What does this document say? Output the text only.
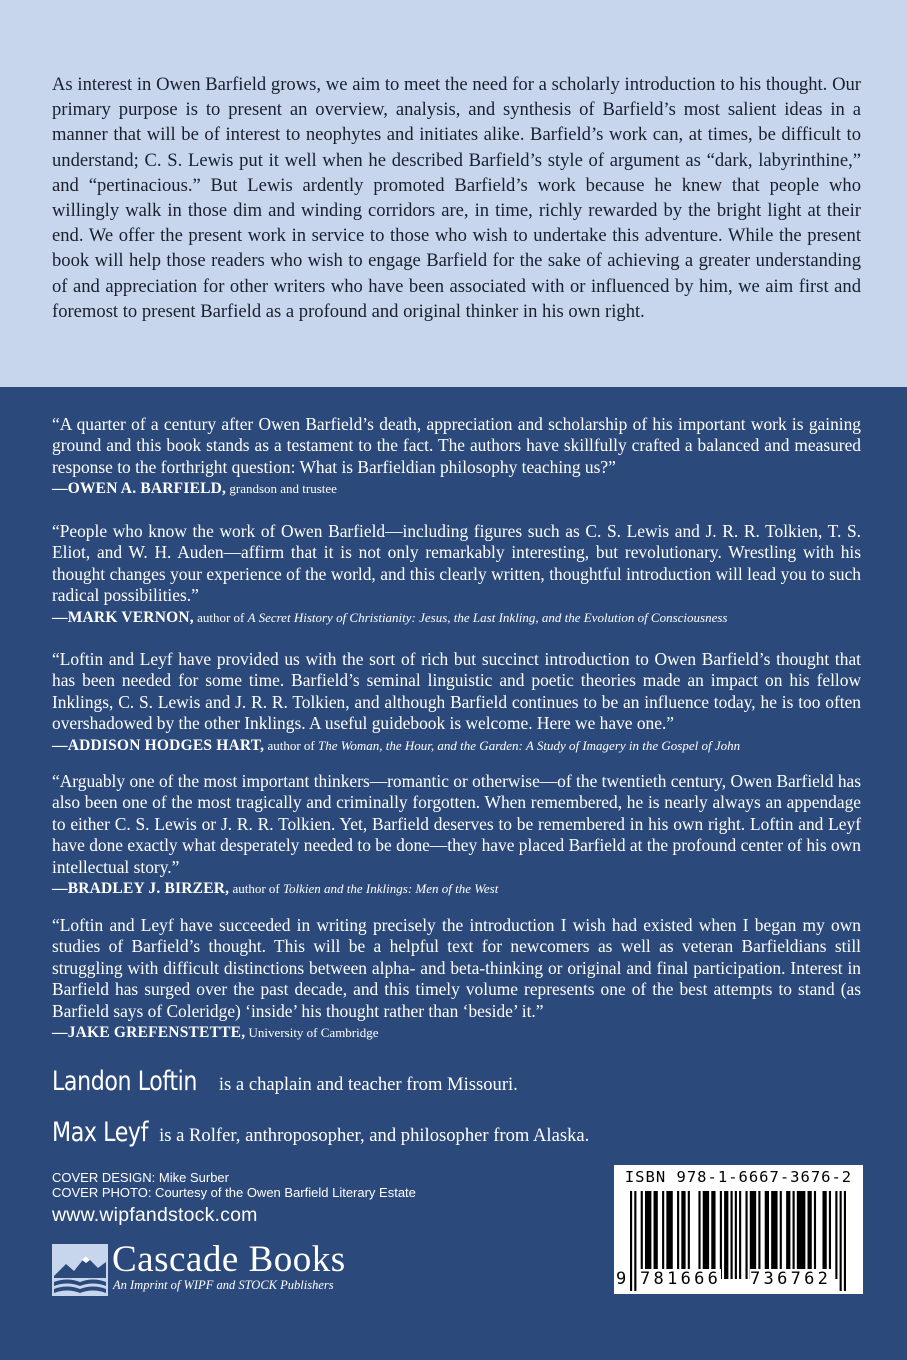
As interest in Owen Barfield grows, we aim to meet the need for a scholarly introduction to his thought. Our primary purpose is to present an overview, analysis, and synthesis of Barfield’s most salient ideas in a manner that will be of interest to neophytes and initiates alike. Barfield’s work can, at times, be difficult to understand; C. S. Lewis put it well when he described Barfield’s style of argument as “dark, labyrinthine,” and “pertinacious.” But Lewis ardently promoted Barfield’s work because he knew that people who willingly walk in those dim and winding corridors are, in time, richly rewarded by the bright light at their end. We offer the present work in service to those who wish to undertake this adventure. While the present book will help those readers who wish to engage Barfield for the sake of achieving a greater understanding of and appreciation for other writers who have been associated with or influenced by him, we aim first and foremost to present Barfield as a profound and original thinker in his own right.

“A quarter of a century after Owen Barfield’s death, appreciation and scholarship of his important work is gaining ground and this book stands as a testament to the fact. The authors have skillfully crafted a balanced and measured response to the forthright question: What is Barfieldian philosophy teaching us?”

—OWEN A. BARFIELD, grandson and trustee

“People who know the work of Owen Barfield—including figures such as C. S. Lewis and J. R. R. Tolkien, T. S. Eliot, and W. H. Auden—affirm that it is not only remarkably interesting, but revolutionary. Wrestling with his thought changes your experience of the world, and this clearly written, thoughtful introduction will lead you to such radical possibilities.”

—MARK VERNON, author of A Secret History of Christianity: Jesus, the Last Inkling, and the Evolution of Consciousness

“Loftin and Leyf have provided us with the sort of rich but succinct introduction to Owen Barfield’s thought that has been needed for some time. Barfield’s seminal linguistic and poetic theories made an impact on his fellow Inklings, C. S. Lewis and J. R. R. Tolkien, and although Barfield continues to be an influence today, he is too often overshadowed by the other Inklings. A useful guidebook is welcome. Here we have one.”

—ADDISON HODGES HART, author of The Woman, the Hour, and the Garden: A Study of Imagery in the Gospel of John

“Arguably one of the most important thinkers—romantic or otherwise—of the twentieth century, Owen Barfield has also been one of the most tragically and criminally forgotten. When remembered, he is nearly always an appendage to either C. S. Lewis or J. R. R. Tolkien. Yet, Barfield deserves to be remembered in his own right. Loftin and Leyf have done exactly what desperately needed to be done—they have placed Barfield at the profound center of his own intellectual story.”

—BRADLEY J. BIRZER, author of Tolkien and the Inklings: Men of the West

“Loftin and Leyf have succeeded in writing precisely the introduction I wish had existed when I began my own studies of Barfield’s thought. This will be a helpful text for newcomers as well as veteran Barfieldians still struggling with difficult distinctions between alpha- and beta-thinking or original and final participation. Interest in Barfield has surged over the past decade, and this timely volume represents one of the best attempts to stand (as Barfield says of Coleridge) ‘inside’ his thought rather than ‘beside’ it.”

—JAKE GREFENSTETTE, University of Cambridge
Landon Loftin is a chaplain and teacher from Missouri.
Max Leyf is a Rolfer, anthroposopher, and philosopher from Alaska.
COVER DESIGN: Mike Surber
COVER PHOTO: Courtesy of the Owen Barfield Literary Estate
www.wipfandstock.com
Cascade Books
An Imprint of WIPF and STOCK Publishers
ISBN 978-1-6667-3676-2
9 781666 736762
